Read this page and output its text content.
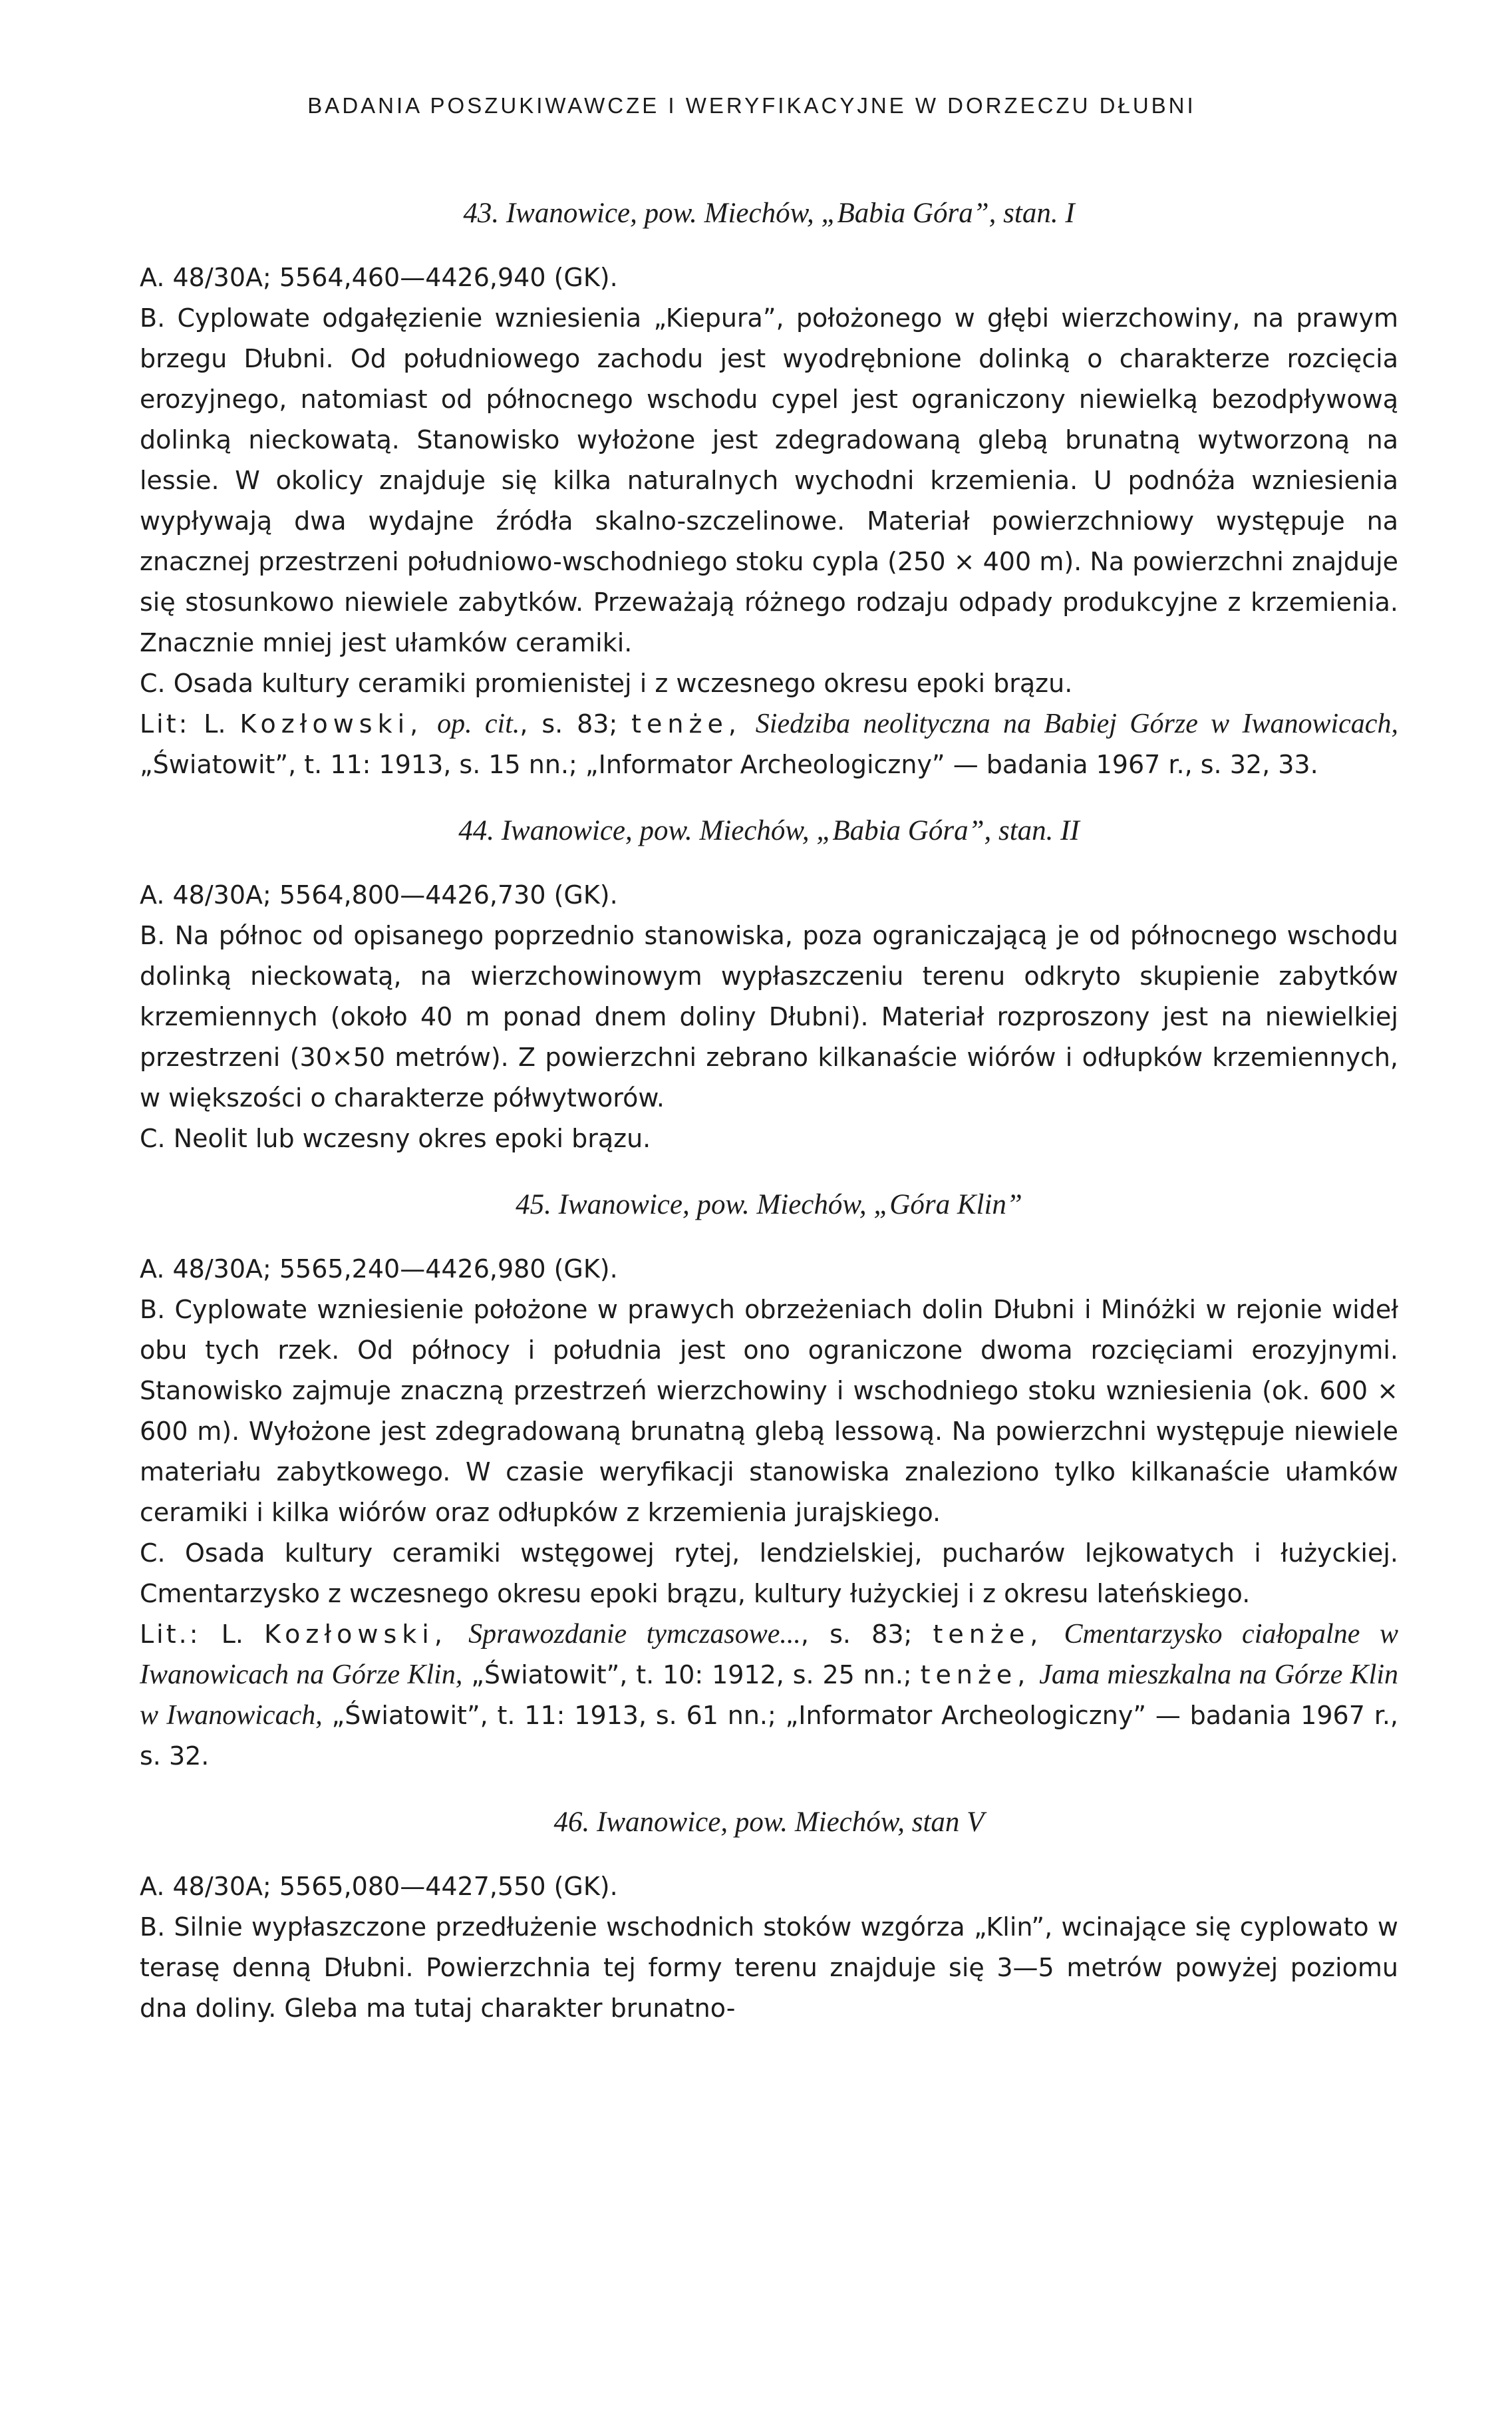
BADANIA POSZUKIWAWCZE I WERYFIKACYJNE W DORZECZU DŁUBNI
43. Iwanowice, pow. Miechów, „Babia Góra”, stan. I

A. 48/30A; 5564,460—4426,940 (GK).

B. Cyplowate odgałęzienie wzniesienia „Kiepura”, położonego w głębi wierzchowiny, na prawym brzegu Dłubni. Od południowego zachodu jest wyodrębnione dolinką o charakterze rozcięcia erozyjnego, natomiast od północnego wschodu cypel jest ograniczony niewielką bezodpływową dolinką nieckowatą. Stanowisko wyłożone jest zdegradowaną glebą brunatną wytworzoną na lessie. W okolicy znajduje się kilka naturalnych wychodni krzemienia. U podnóża wzniesienia wypływają dwa wydajne źródła skalno-szczelinowe. Materiał powierzchniowy występuje na znacznej przestrzeni południowo-wschodniego stoku cypla (250 × 400 m). Na powierzchni znajduje się stosunkowo niewiele zabytków. Przeważają różnego rodzaju odpady produkcyjne z krzemienia. Znacznie mniej jest ułamków ceramiki.

C. Osada kultury ceramiki promienistej i z wczesnego okresu epoki brązu.

Lit: L. Kozłowski, op. cit., s. 83; tenże, Siedziba neolityczna na Babiej Górze w Iwanowicach, „Światowit”, t. 11: 1913, s. 15 nn.; „Informator Archeologiczny” — badania 1967 r., s. 32, 33.

44. Iwanowice, pow. Miechów, „Babia Góra”, stan. II

A. 48/30A; 5564,800—4426,730 (GK).

B. Na północ od opisanego poprzednio stanowiska, poza ograniczającą je od północnego wschodu dolinką nieckowatą, na wierzchowinowym wypłaszczeniu terenu odkryto skupienie zabytków krzemiennych (około 40 m ponad dnem doliny Dłubni). Materiał rozproszony jest na niewielkiej przestrzeni (30×50 metrów). Z powierzchni zebrano kilkanaście wiórów i odłupków krzemiennych, w większości o charakterze półwytworów.

C. Neolit lub wczesny okres epoki brązu.

45. Iwanowice, pow. Miechów, „Góra Klin”

A. 48/30A; 5565,240—4426,980 (GK).

B. Cyplowate wzniesienie położone w prawych obrzeżeniach dolin Dłubni i Minóżki w rejonie wideł obu tych rzek. Od północy i południa jest ono ograniczone dwoma rozcięciami erozyjnymi. Stanowisko zajmuje znaczną przestrzeń wierzchowiny i wschodniego stoku wzniesienia (ok. 600 × 600 m). Wyłożone jest zdegradowaną brunatną glebą lessową. Na powierzchni występuje niewiele materiału zabytkowego. W czasie weryfikacji stanowiska znaleziono tylko kilkanaście ułamków ceramiki i kilka wiórów oraz odłupków z krzemienia jurajskiego.

C. Osada kultury ceramiki wstęgowej rytej, lendzielskiej, pucharów lejkowatych i łużyckiej. Cmentarzysko z wczesnego okresu epoki brązu, kultury łużyckiej i z okresu lateńskiego.

Lit.: L. Kozłowski, Sprawozdanie tymczasowe..., s. 83; tenże, Cmentarzysko ciałopalne w Iwanowicach na Górze Klin, „Światowit”, t. 10: 1912, s. 25 nn.; tenże, Jama mieszkalna na Górze Klin w Iwanowicach, „Światowit”, t. 11: 1913, s. 61 nn.; „Informator Archeologiczny” — badania 1967 r., s. 32.

46. Iwanowice, pow. Miechów, stan V

A. 48/30A; 5565,080—4427,550 (GK).

B. Silnie wypłaszczone przedłużenie wschodnich stoków wzgórza „Klin”, wcinające się cyplowato w terasę denną Dłubni. Powierzchnia tej formy terenu znajduje się 3—5 metrów powyżej poziomu dna doliny. Gleba ma tutaj charakter brunatno-
